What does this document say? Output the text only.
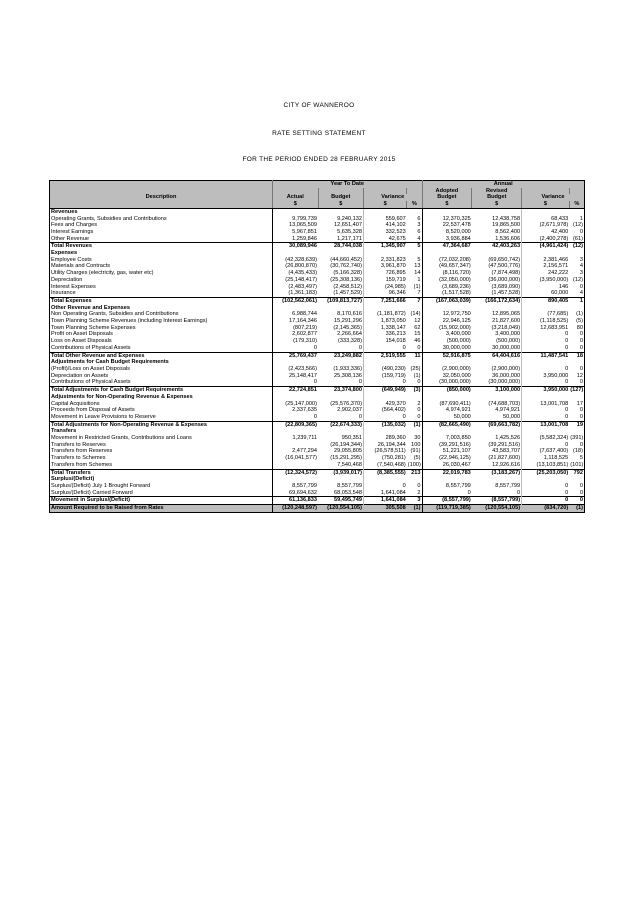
CITY OF WANNEROO
RATE SETTING STATEMENT
FOR THE PERIOD ENDED 28 FEBRUARY 2015
	Year To Date				Annual			
					Adopted	Revised		
Description	Actual	Budget	Variance		Budget	Budget	Variance	
	$	$	$	%	$	$	$	%
Revenues								
Operating Grants, Subsidies and Contributions	9,799,739	9,240,132	559,607	6	12,370,325	12,438,758	68,433	1
Fees and Charges	13,065,509	12,651,407	414,102	3	22,537,478	19,865,500	(2,671,978)	(12)
Interest Earnings	5,967,851	5,635,328	332,523	6	8,520,000	8,562,400	42,400	0
Other Revenue	1,259,846	1,217,171	42,675	4	3,936,884	1,536,606	(2,400,278)	(61)
Total Revenues	30,089,946	28,744,038	1,345,907	5	47,364,687	42,403,263	(4,961,424)	(12)
Expenses								
Employee Costs	(42,328,639)	(44,660,452)	2,331,823	5	(72,032,208)	(69,650,742)	2,381,466	3
Materials and Contracts	(26,800,870)	(30,762,740)	3,961,870	13	(49,657,347)	(47,500,776)	2,156,571	4
Utility Charges (electricity, gas, water etc)	(4,435,433)	(5,166,328)	726,895	14	(8,116,720)	(7,874,498)	242,222	3
Depreciation	(25,148,417)	(25,308,136)	159,719	1	(32,050,000)	(36,000,000)	(3,950,000)	(12)
Interest Expenses	(2,483,497)	(2,458,512)	(24,985)	(1)	(3,689,236)	(3,689,090)	146	0
Insurance	(1,361,183)	(1,457,529)	96,346	7	(1,517,528)	(1,457,528)	60,000	4
Total Expenses	(102,562,061)	(109,813,727)	7,251,666	7	(167,063,039)	(166,172,634)	890,405	1
Other Revenue and Expenses								
Non Operating Grants, Subsidies and Contributions	6,988,744	8,170,616	(1,181,872)	(14)	12,972,750	12,895,065	(77,685)	(1)
Town Planning Scheme Revenues (including Interest Earnings)	17,164,346	15,291,296	1,873,050	12	22,946,125	21,827,600	(1,118,525)	(5)
Town Planning Scheme Expenses	(807,219)	(2,145,365)	1,338,147	62	(15,902,000)	(3,218,049)	12,683,951	80
Profit on Asset Disposals	2,602,877	2,266,664	336,213	15	3,400,000	3,400,000	0	0
Loss on Asset Disposals	(179,310)	(333,328)	154,018	46	(500,000)	(500,000)	0	0
Contributions of Physical Assets	0	0	0	0	30,000,000	30,000,000	0	0
Total Other Revenue and Expenses	25,769,437	23,249,882	2,519,555	11	52,916,875	64,404,616	11,487,541	18
Adjustments for Cash Budget Requirements								
(Profit)/Loss on Asset Disposals	(2,423,566)	(1,933,336)	(490,230)	(25)	(2,900,000)	(2,900,000)	0	0
Depreciation on Assets	25,148,417	25,308,136	(159,719)	(1)	32,050,000	36,000,000	3,950,000	12
Contributions of Physical Assets	0	0	0	0	(30,000,000)	(30,000,000)	0	0
Total Adjustments for Cash Budget Requirements	22,724,851	23,374,800	(649,949)	(3)	(850,000)	3,100,000	3,950,000	(127)
Adjustments for Non-Operating Revenue & Expenses								
Capital Acquisitions	(25,147,000)	(25,576,370)	429,370	2	(87,690,411)	(74,688,703)	13,001,708	17
Proceeds from Disposal of Assets	2,337,635	2,902,037	(564,402)	0	4,974,921	4,974,921	0	0
Movement in Leave Provisions to Reserve	0	0	0	0	50,000	50,000	0	0
Total Adjustments for Non-Operating Revenue & Expenses	(22,809,365)	(22,674,333)	(135,032)	(1)	(82,665,490)	(69,663,782)	13,001,708	19
Transfers								
Movement in Restricted Grants, Contributions and Loans	1,239,711	950,351	289,360	30	7,003,850	1,425,526	(5,582,324)	(391)
Transfers to Reserves		(26,194,344)	26,194,344	100	(39,291,516)	(39,291,516)	0	0
Transfers from Reserves	2,477,294	29,055,805	(26,578,511)	(91)	51,221,107	43,583,707	(7,637,400)	(18)
Transfers to Schemes	(16,041,577)	(15,291,295)	(750,281)	(5)	(22,946,125)	(21,827,600)	1,118,525	5
Transfers from Schemes		7,540,468	(7,540,468)	(100)	26,030,467	12,926,616	(13,103,851)	(101)
Total Transfers	(12,324,572)	(3,939,017)	(8,385,555)	213	22,019,783	(3,183,267)	(25,203,050)	792
Surplus/(Deficit)								
Surplus/(Deficit) July 1 Brought Forward	8,557,799	8,557,799	0	0	8,557,799	8,557,799	0	0
Surplus/(Deficit) Carried Forward	69,694,632	68,053,548	1,641,084	2	0	0	0	0
Movement in Surplus/(Deficit)	61,136,833	59,495,749	1,641,084	3	(8,557,799)	(8,557,799)	0	0
Amount Required to be Raised from Rates	(120,248,597)	(120,554,105)	305,508	(1)	(119,719,385)	(120,554,105)	(834,720)	(1)
